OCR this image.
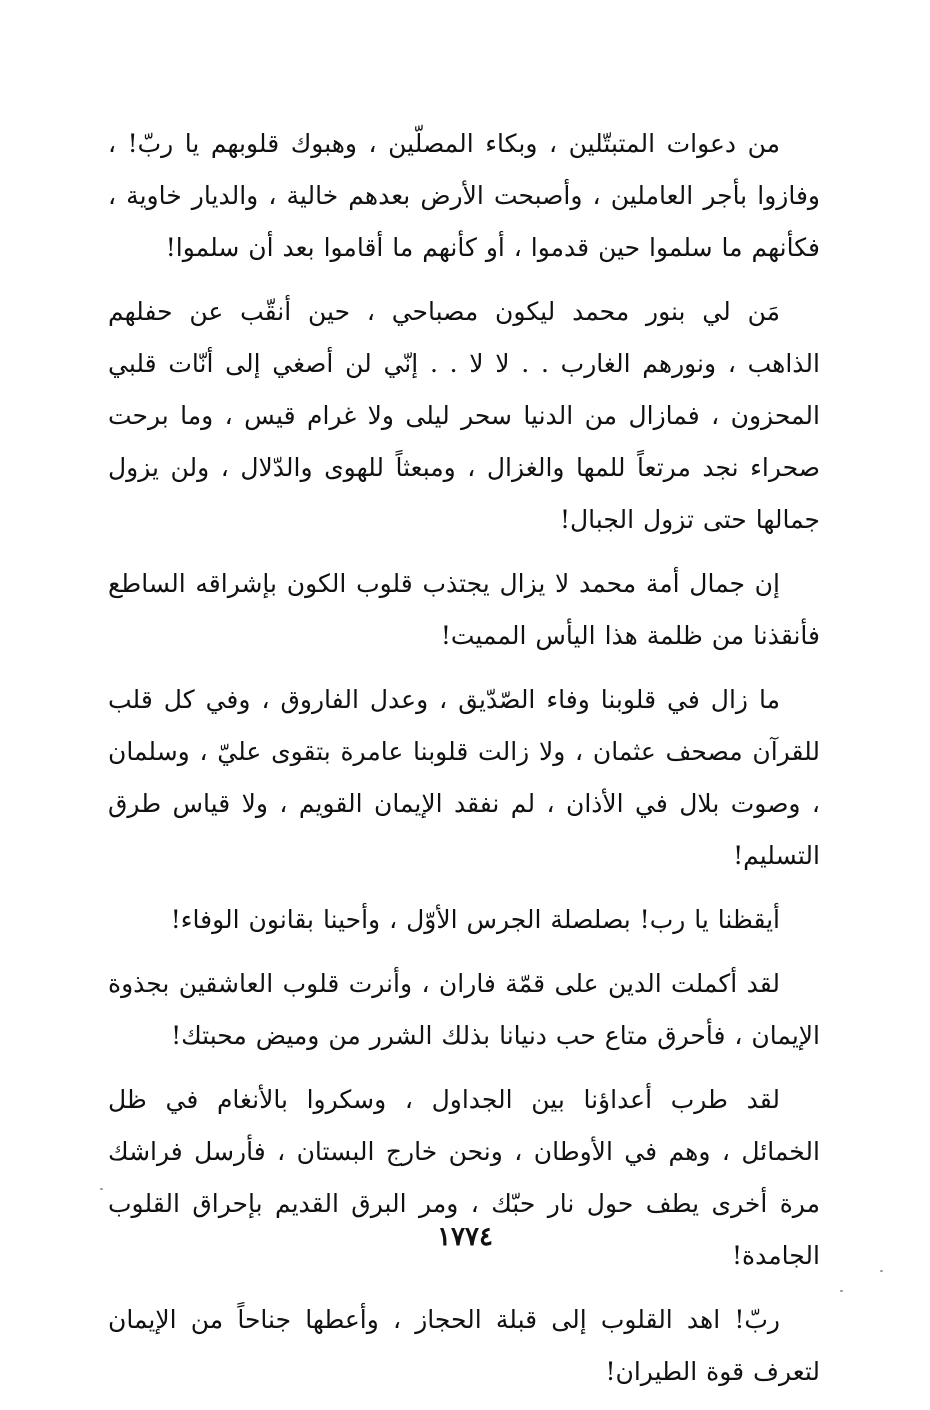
من دعوات المتبتّلين ، وبكاء المصلّين ، وهبوك قلوبهم يا ربّ! ، وفازوا بأجر العاملين ، وأصبحت الأرض بعدهم خالية ، والديار خاوية ، فكأنهم ما سلموا حين قدموا ، أو كأنهم ما أقاموا بعد أن سلموا!

مَن لي بنور محمد ليكون مصباحي ، حين أنقّب عن حفلهم الذاهب ، ونورهم الغارب . . لا لا . . إنّي لن أصغي إلى أنّات قلبي المحزون ، فمازال من الدنيا سحر ليلى ولا غرام قيس ، وما برحت صحراء نجد مرتعاً للمها والغزال ، ومبعثاً للهوى والدّلال ، ولن يزول جمالها حتى تزول الجبال!

إن جمال أمة محمد لا يزال يجتذب قلوب الكون بإشراقه الساطع فأنقذنا من ظلمة هذا اليأس المميت!

ما زال في قلوبنا وفاء الصّدّيق ، وعدل الفاروق ، وفي كل قلب للقرآن مصحف عثمان ، ولا زالت قلوبنا عامرة بتقوى عليّ ، وسلمان ، وصوت بلال في الأذان ، لم نفقد الإيمان القويم ، ولا قياس طرق التسليم!

أيقظنا يا رب! بصلصلة الجرس الأوّل ، وأحينا بقانون الوفاء!

لقد أكملت الدين على قمّة فاران ، وأنرت قلوب العاشقين بجذوة الإيمان ، فأحرق متاع حب دنيانا بذلك الشرر من وميض محبتك!

لقد طرب أعداؤنا بين الجداول ، وسكروا بالأنغام في ظل الخمائل ، وهم في الأوطان ، ونحن خارج البستان ، فأرسل فراشك مرة أخرى يطف حول نار حبّك ، ومر البرق القديم بإحراق القلوب الجامدة!

ربّ! اهد القلوب إلى قبلة الحجاز ، وأعطها جناحاً من الإيمان لتعرف قوة الطيران!

١٧٧٤
